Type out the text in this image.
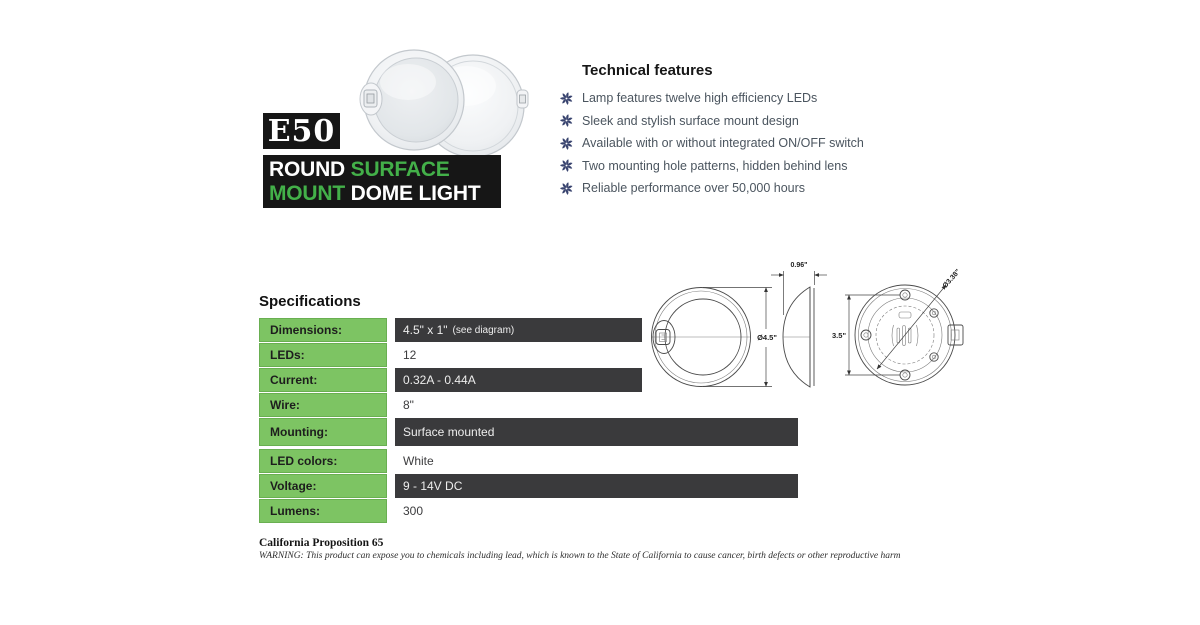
E50
ROUND SURFACE
MOUNT DOME LIGHT
Technical features
Lamp features twelve high efficiency LEDs
Sleek and stylish surface mount design
Available with or without integrated ON/OFF switch
Two mounting hole patterns, hidden behind lens
Reliable performance over 50,000 hours
Specifications
Dimensions:	4.5" x 1" (see diagram)
LEDs:	12
Current:	0.32A - 0.44A
Wire:	8"
Mounting:	Surface mounted
LED colors:	White
Voltage:	9 - 14V DC
Lumens:	300
Ø4.5"
0.96"
3.5"
Ø3.38"
California Proposition 65
WARNING: This product can expose you to chemicals including lead, which is known to the State of California to cause cancer, birth defects or other reproductive harm
